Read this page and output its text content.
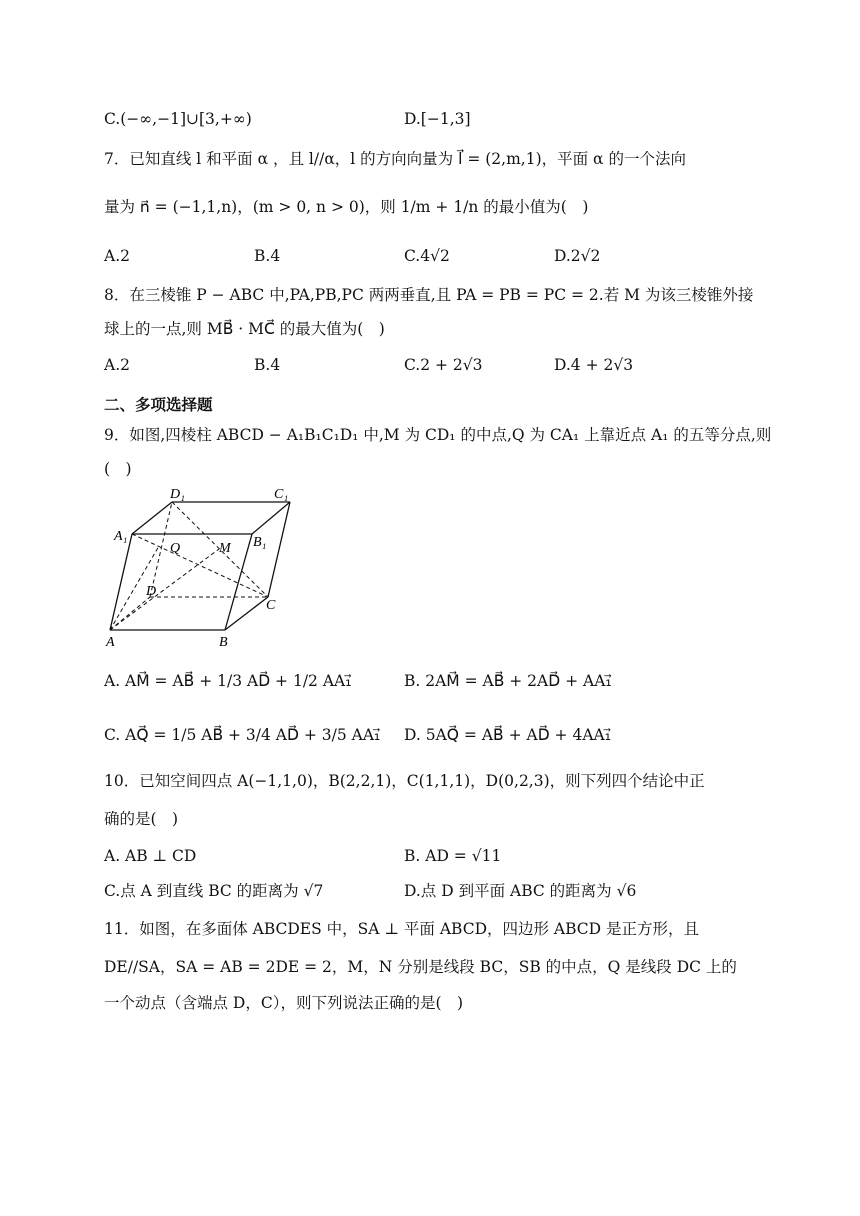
C.(−∞,−1]∪[3,+∞)	D.[−1,3]
7．已知直线 l 和平面 α ，且 l//α，l 的方向向量为 l⃗ = (2,m,1)，平面 α 的一个法向
量为 n⃗ = (−1,1,n)，(m > 0, n > 0)，则 1/m + 1/n 的最小值为(　)
A.2	B.4	C.4√2	D.2√2
8．在三棱锥 P − ABC 中,PA,PB,PC 两两垂直,且 PA = PB = PC = 2.若 M 为该三棱锥外接
球上的一点,则 MB⃗ · MC⃗ 的最大值为(　)
A.2	B.4	C.2 + 2√3	D.4 + 2√3
二、多项选择题
9．如图,四棱柱 ABCD − A₁B₁C₁D₁ 中,M 为 CD₁ 的中点,Q 为 CA₁ 上靠近点 A₁ 的五等分点,则
(　)
D₁	C₁
A₁	B₁
Q	M
D
C
A	B
A. AM⃗ = AB⃗ + 1/3 AD⃗ + 1/2 AA₁⃗	B. 2AM⃗ = AB⃗ + 2AD⃗ + AA₁⃗
C. AQ⃗ = 1/5 AB⃗ + 3/4 AD⃗ + 3/5 AA₁⃗ D. 5AQ⃗ = AB⃗ + AD⃗ + 4AA₁⃗
10．已知空间四点 A(−1,1,0)，B(2,2,1)，C(1,1,1)，D(0,2,3)，则下列四个结论中正
确的是(　)
A. AB ⊥ CD	B. AD = √11
C.点 A 到直线 BC 的距离为 √7	D.点 D 到平面 ABC 的距离为 √6
11．如图，在多面体 ABCDES 中，SA ⊥ 平面 ABCD，四边形 ABCD 是正方形，且
DE//SA，SA = AB = 2DE = 2，M，N 分别是线段 BC，SB 的中点，Q 是线段 DC 上的
一个动点（含端点 D，C），则下列说法正确的是(　)
